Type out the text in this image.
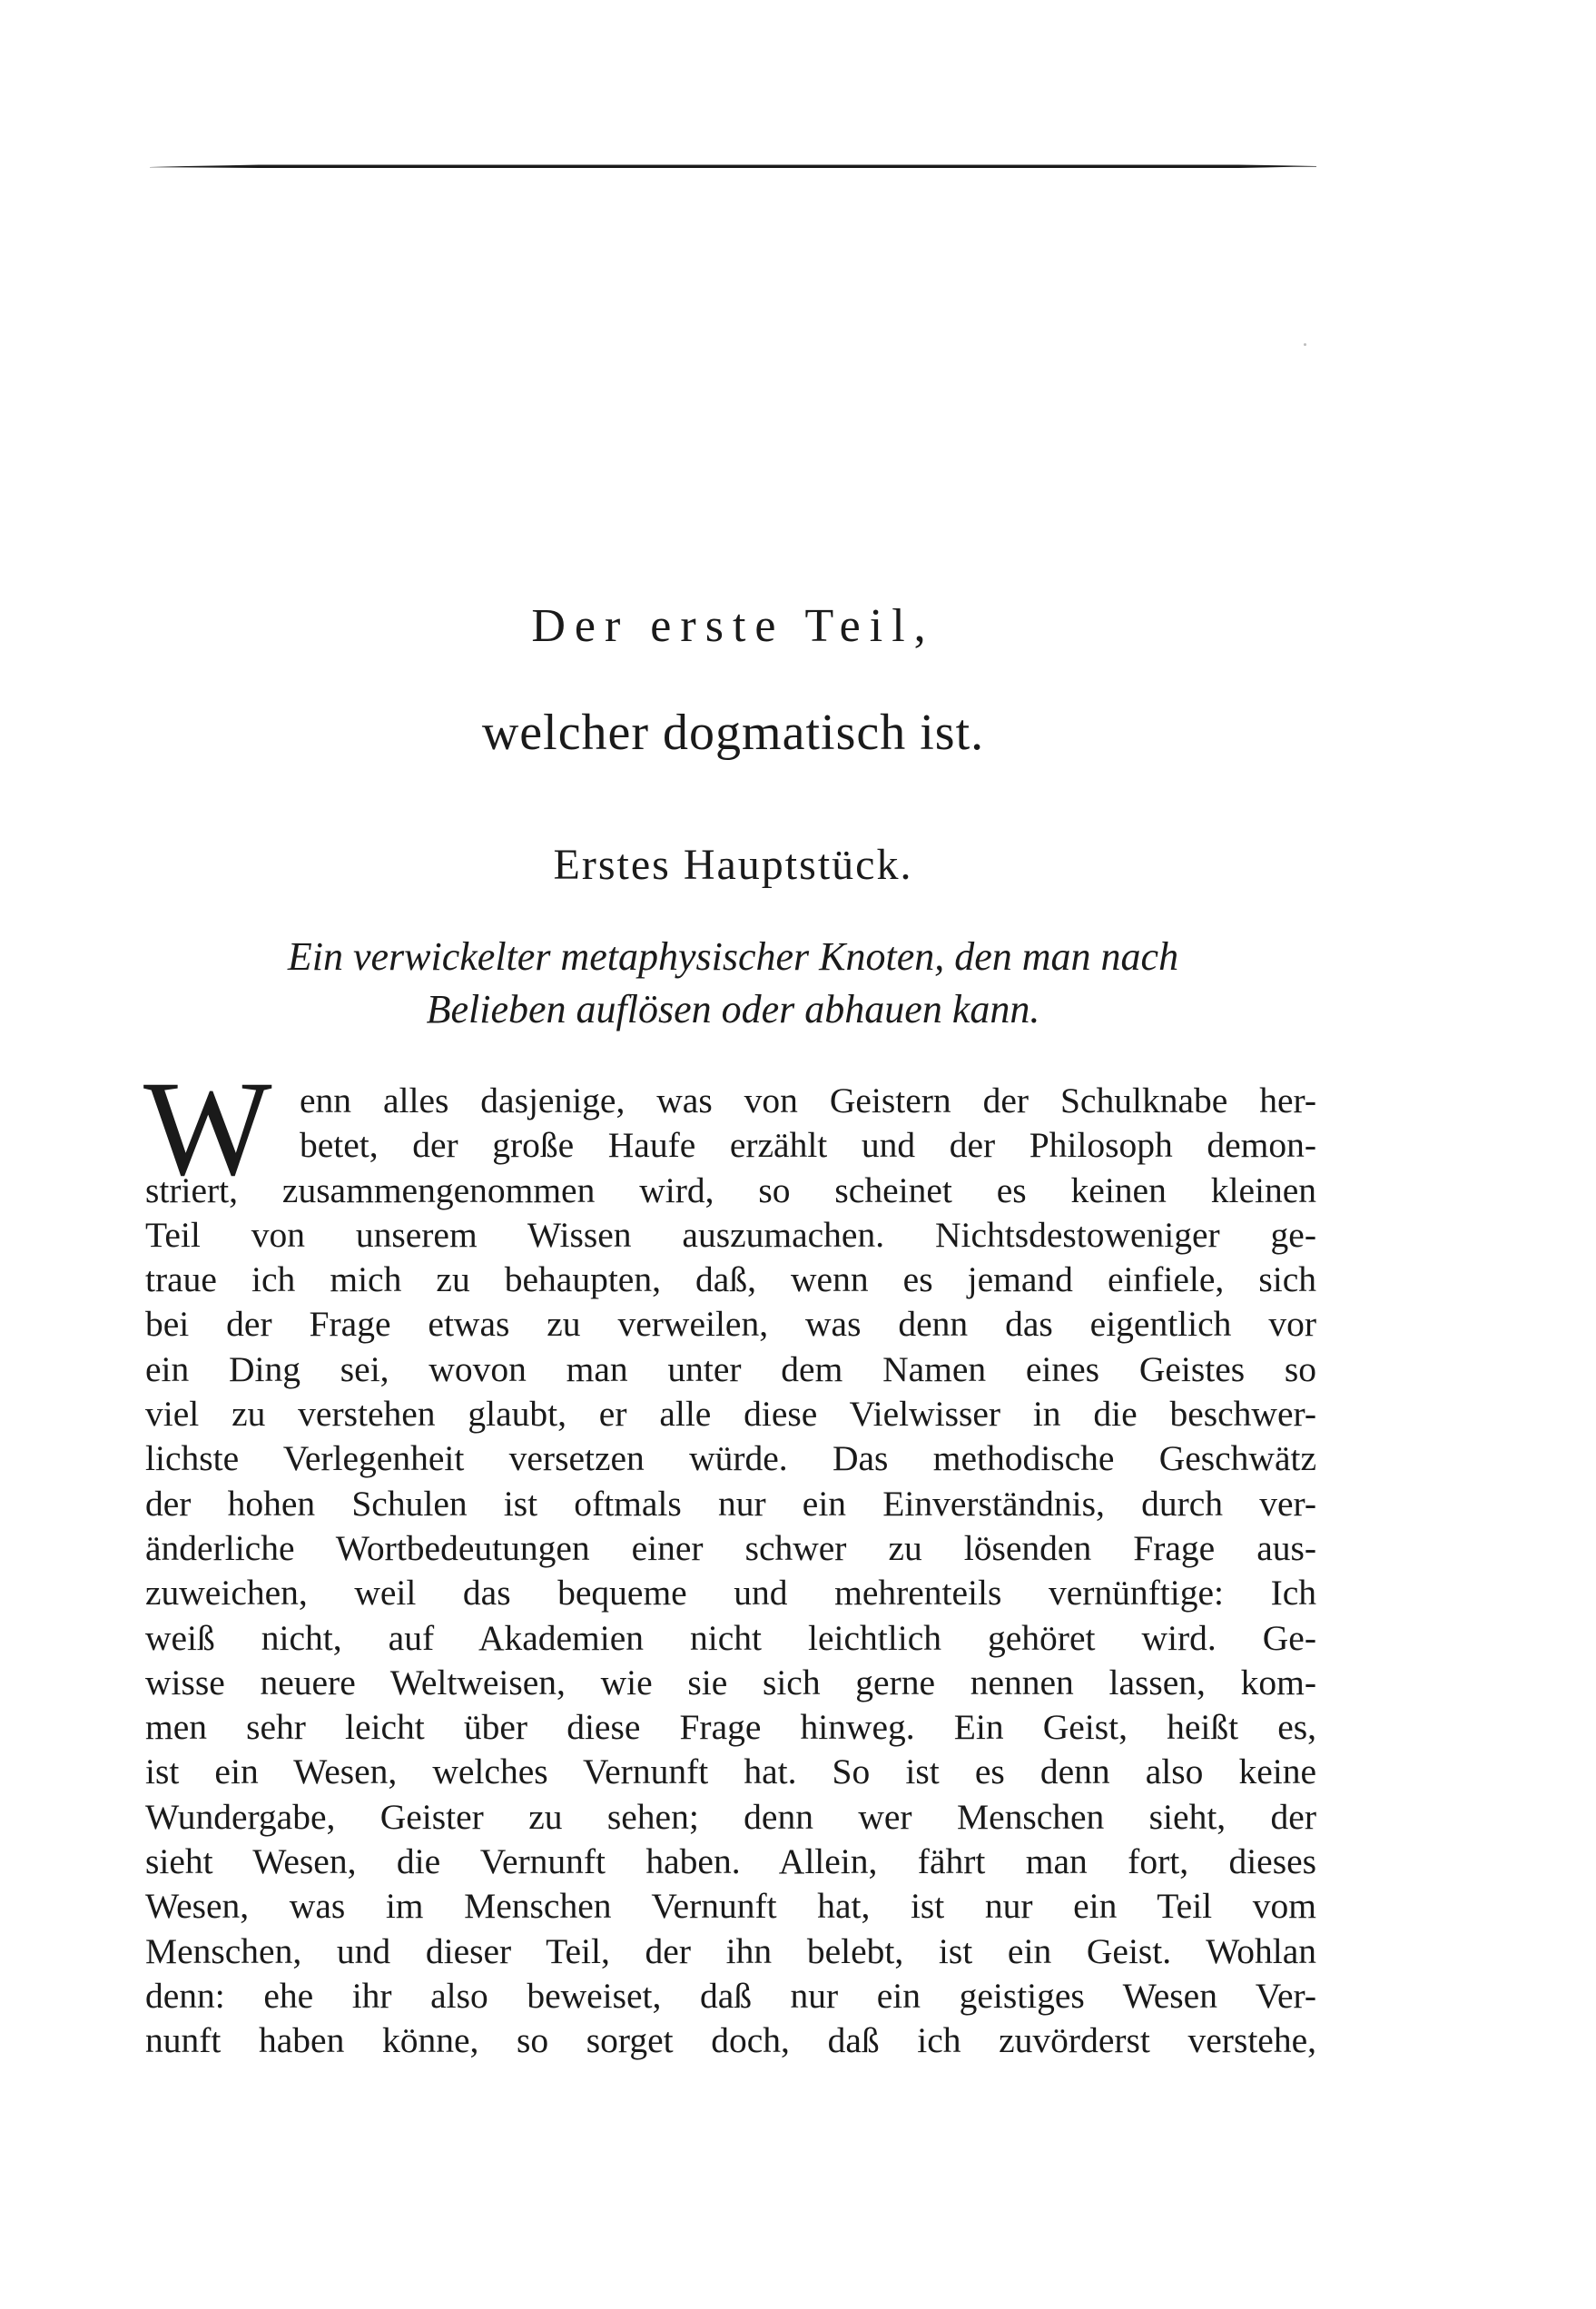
Der erste Teil,
welcher dogmatisch ist.
Erstes Hauptstück.
Ein verwickelter metaphysischer Knoten, den man nach
Belieben auflösen oder abhauen kann.
W enn alles dasjenige, was von Geistern der Schulknabe her-
betet, der große Haufe erzählt und der Philosoph demon-
striert, zusammengenommen wird, so scheinet es keinen kleinen
Teil von unserem Wissen auszumachen. Nichtsdestoweniger ge-
traue ich mich zu behaupten, daß, wenn es jemand einfiele, sich
bei der Frage etwas zu verweilen, was denn das eigentlich vor
ein Ding sei, wovon man unter dem Namen eines Geistes so
viel zu verstehen glaubt, er alle diese Vielwisser in die beschwer-
lichste Verlegenheit versetzen würde. Das methodische Geschwätz
der hohen Schulen ist oftmals nur ein Einverständnis, durch ver-
änderliche Wortbedeutungen einer schwer zu lösenden Frage aus-
zuweichen, weil das bequeme und mehrenteils vernünftige: Ich
weiß nicht, auf Akademien nicht leichtlich gehöret wird. Ge-
wisse neuere Weltweisen, wie sie sich gerne nennen lassen, kom-
men sehr leicht über diese Frage hinweg. Ein Geist, heißt es,
ist ein Wesen, welches Vernunft hat. So ist es denn also keine
Wundergabe, Geister zu sehen; denn wer Menschen sieht, der
sieht Wesen, die Vernunft haben. Allein, fährt man fort, dieses
Wesen, was im Menschen Vernunft hat, ist nur ein Teil vom
Menschen, und dieser Teil, der ihn belebt, ist ein Geist. Wohlan
denn: ehe ihr also beweiset, daß nur ein geistiges Wesen Ver-
nunft haben könne, so sorget doch, daß ich zuvörderst verstehe,
